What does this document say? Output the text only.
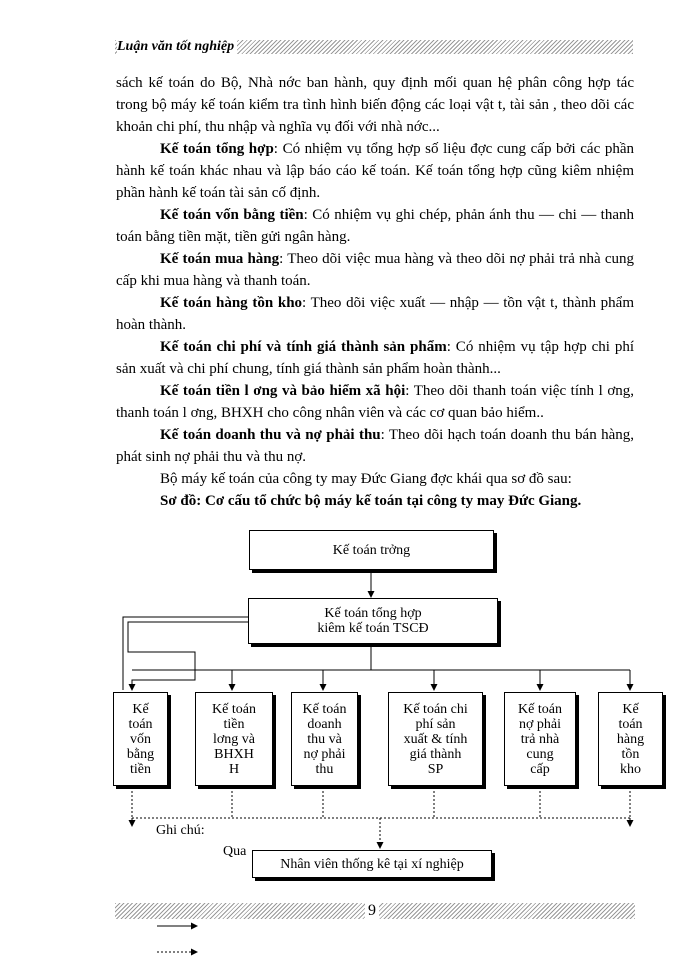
Luận văn tốt nghiệp

sách kế toán do Bộ, Nhà nớc ban hành, quy định mối quan hệ phân công hợp tác trong bộ máy kế toán kiểm tra tình hình biến động các loại vật t, tài sản , theo dõi các khoản chi phí, thu nhập và nghĩa vụ đối với nhà nớc...

Kế toán tổng hợp: Có nhiệm vụ tổng hợp số liệu đợc cung cấp bởi các phần hành kế toán khác nhau và lập báo cáo kế toán. Kế toán tổng hợp cũng kiêm nhiệm phần hành kế toán tài sản cố định.

Kế toán vốn bằng tiền: Có nhiệm vụ ghi chép, phản ánh thu — chi — thanh toán bằng tiền mặt, tiền gửi ngân hàng.

Kế toán mua hàng: Theo dõi việc mua hàng và theo dõi nợ phải trả nhà cung cấp khi mua hàng và thanh toán.

Kế toán hàng tồn kho: Theo dõi việc xuất — nhập — tồn vật t, thành phẩm hoàn thành.

Kế toán chi phí và tính giá thành sản phẩm: Có nhiệm vụ tập hợp chi phí sản xuất và chi phí chung, tính giá thành sản phẩm hoàn thành...

Kế toán tiền l ơng và bảo hiểm xã hội: Theo dõi thanh toán việc tính l ơng, thanh toán l ơng, BHXH cho công nhân viên và các cơ quan bảo hiểm..

Kế toán doanh thu và nợ phải thu: Theo dõi hạch toán doanh thu bán hàng, phát sinh nợ phải thu và thu nợ.

Bộ máy kế toán của công ty may Đức Giang đợc khái qua sơ đồ sau:

Sơ đồ: Cơ cấu tổ chức bộ máy kế toán tại công ty may Đức Giang.

Kế toán trởng
Kế toán tổng hợp
kiêm kế toán TSCĐ
Kế
toán
vốn
bằng
tiền
Kế toán
tiền
lơng và
BHXH
H
Kế toán
doanh
thu và
nợ phải
thu
Kế toán chi
phí sản
xuất & tính
giá thành
SP
Kế toán
nợ phải
trả nhà
cung
cấp
Kế
toán
hàng
tồn
kho
Ghi chú:
Qua
Nhân viên thống kê tại xí nghiệp
9
